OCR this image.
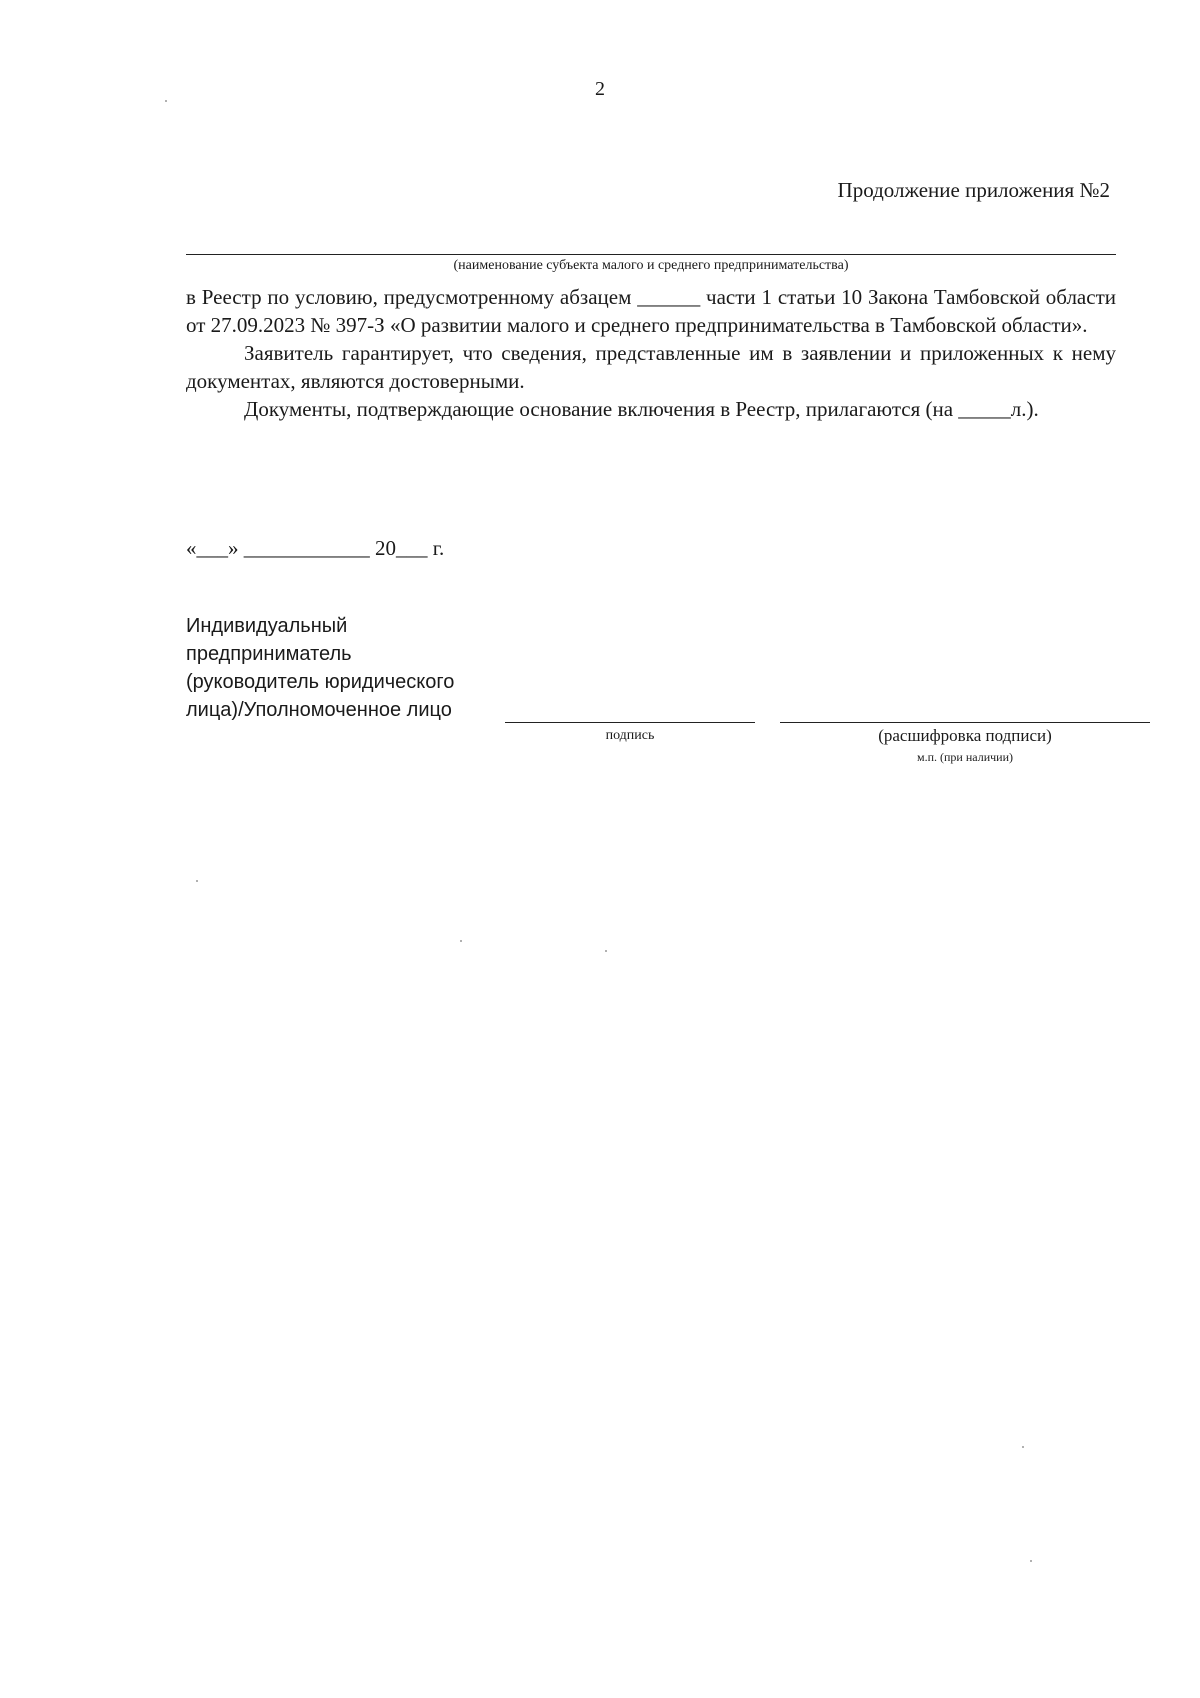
2
Продолжение приложения №2
(наименование субъекта малого и среднего предпринимательства)

в Реестр по условию, предусмотренному абзацем ______ части 1 статьи 10 Закона Тамбовской области от 27.09.2023 № 397-З «О развитии малого и среднего предпринимательства в Тамбовской области».

Заявитель гарантирует, что сведения, представленные им в заявлении и приложенных к нему документах, являются достоверными.

Документы, подтверждающие основание включения в Реестр, прилагаются (на _____л.).

«___» ____________ 20___ г.
Индивидуальный
предприниматель
(руководитель юридического
лица)/Уполномоченное лицо
подпись	(расшифровка подписи)
м.п. (при наличии)
